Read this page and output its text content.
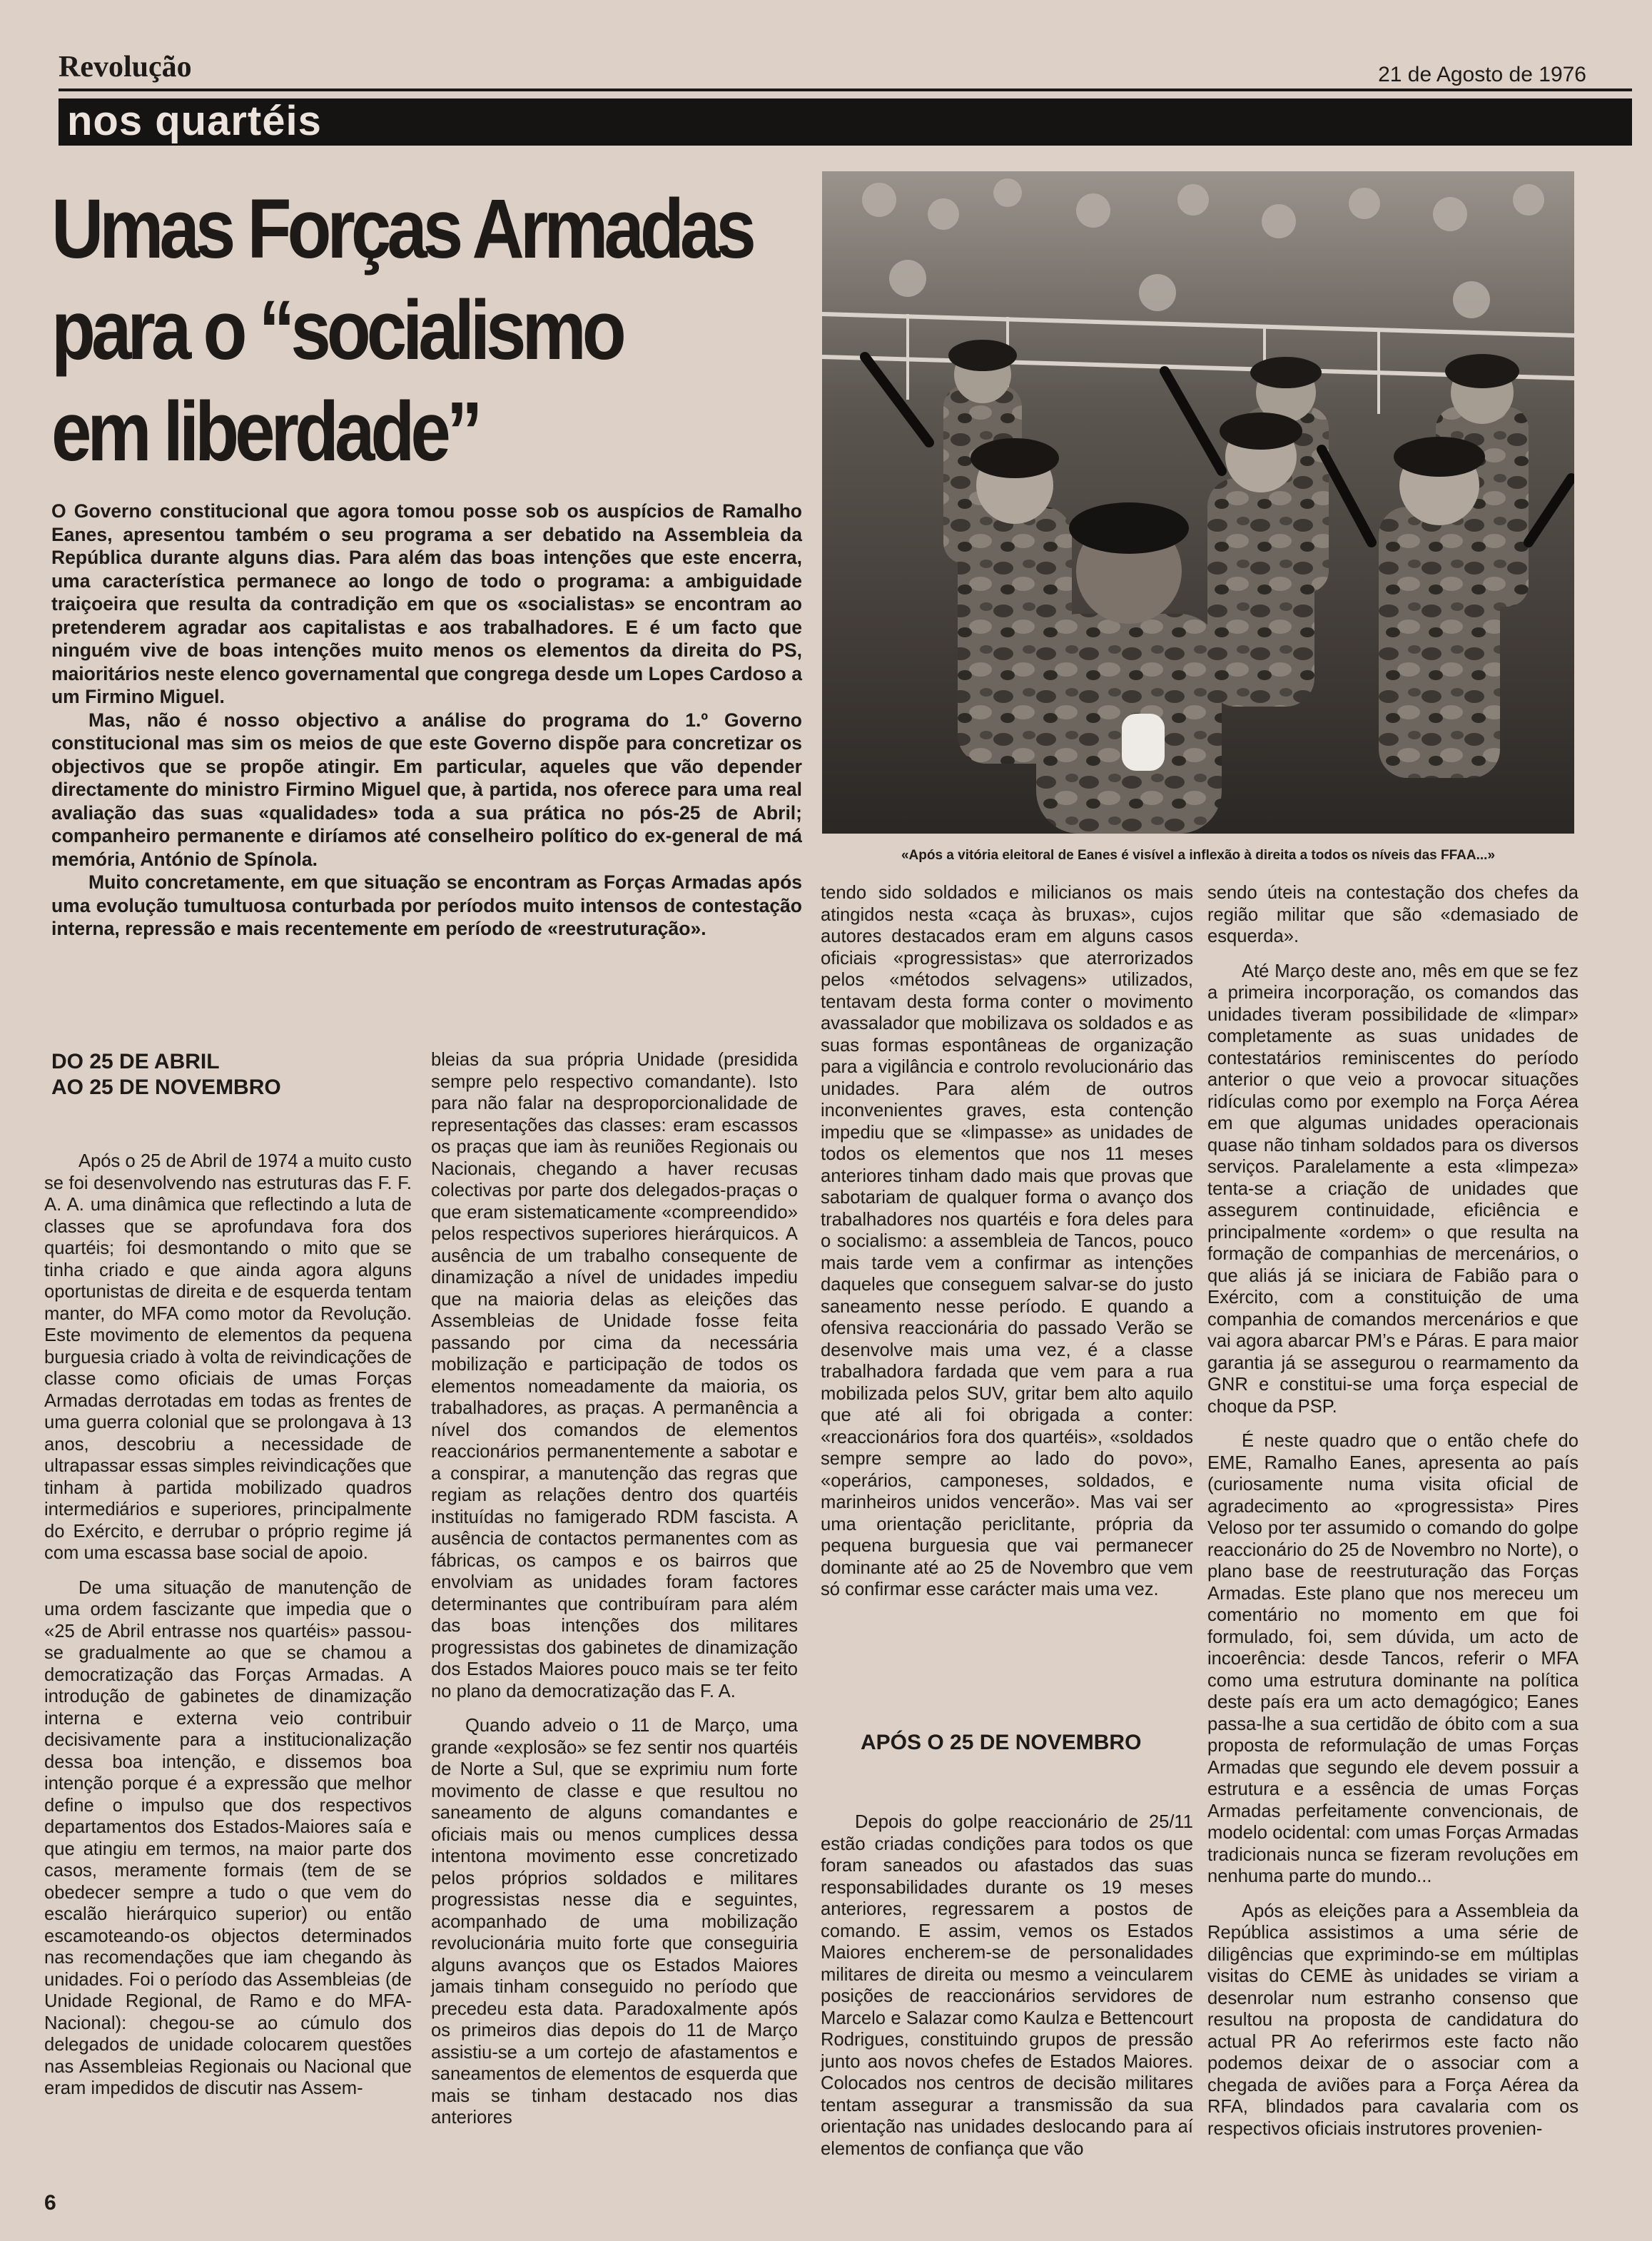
Revolução	21 de Agosto de 1976
nos quartéis
Umas Forças Armadas
para o “socialismo
em liberdade”

O Governo constitucional que agora tomou posse sob os auspícios de Ramalho Eanes, apresentou também o seu programa a ser debatido na Assembleia da República durante alguns dias. Para além das boas intenções que este encerra, uma característica permanece ao longo de todo o programa: a ambiguidade traiçoeira que resulta da contradição em que os «socialistas» se encontram ao pretenderem agradar aos capitalistas e aos trabalhadores. E é um facto que ninguém vive de boas intenções muito menos os elementos da direita do PS, maioritários neste elenco governamental que congrega desde um Lopes Cardoso a um Firmino Miguel.

Mas, não é nosso objectivo a análise do programa do 1.º Governo constitucional mas sim os meios de que este Governo dispõe para concretizar os objectivos que se propõe atingir. Em particular, aqueles que vão depender directamente do ministro Firmino Miguel que, à partida, nos oferece para uma real avaliação das suas «qualidades» toda a sua prática no pós-25 de Abril; companheiro permanente e diríamos até conselheiro político do ex-general de má memória, António de Spínola.

Muito concretamente, em que situação se encontram as Forças Armadas após uma evolução tumultuosa conturbada por períodos muito intensos de contestação interna, repressão e mais recentemente em período de «reestruturação».

«Após a vitória eleitoral de Eanes é visível a inflexão à direita a todos os níveis das FFAA...»
DO 25 DE ABRIL
AO 25 DE NOVEMBRO

Após o 25 de Abril de 1974 a muito custo se foi desenvolvendo nas estruturas das F. F. A. A. uma dinâmica que reflectindo a luta de classes que se aprofundava fora dos quartéis; foi desmontando o mito que se tinha criado e que ainda agora alguns oportunistas de direita e de esquerda tentam manter, do MFA como motor da Revolução. Este movimento de elementos da pequena burguesia criado à volta de reivindicações de classe como oficiais de umas Forças Armadas derrotadas em todas as frentes de uma guerra colonial que se prolongava à 13 anos, descobriu a necessidade de ultrapassar essas simples reivindicações que tinham à partida mobilizado quadros intermediários e superiores, principalmente do Exército, e derrubar o próprio regime já com uma escassa base social de apoio.

De uma situação de manutenção de uma ordem fascizante que impedia que o «25 de Abril entrasse nos quartéis» passou-se gradualmente ao que se chamou a democratização das Forças Armadas. A introdução de gabinetes de dinamização interna e externa veio contribuir decisivamente para a institucionalização dessa boa intenção, e dissemos boa intenção porque é a expressão que melhor define o impulso que dos respectivos departamentos dos Estados-Maiores saía e que atingiu em termos, na maior parte dos casos, meramente formais (tem de se obedecer sempre a tudo o que vem do escalão hierárquico superior) ou então escamoteando-os objectos determinados nas recomendações que iam chegando às unidades. Foi o período das Assembleias (de Unidade Regional, de Ramo e do MFA-Nacional): chegou-se ao cúmulo dos delegados de unidade colocarem questões nas Assembleias Regionais ou Nacional que eram impedidos de discutir nas Assem-

bleias da sua própria Unidade (presidida sempre pelo respectivo comandante). Isto para não falar na desproporcionalidade de representações das classes: eram escassos os praças que iam às reuniões Regionais ou Nacionais, chegando a haver recusas colectivas por parte dos delegados-praças o que eram sistematicamente «compreendido» pelos respectivos superiores hierárquicos. A ausência de um trabalho consequente de dinamização a nível de unidades impediu que na maioria delas as eleições das Assembleias de Unidade fosse feita passando por cima da necessária mobilização e participação de todos os elementos nomeadamente da maioria, os trabalhadores, as praças. A permanência a nível dos comandos de elementos reaccionários permanentemente a sabotar e a conspirar, a manutenção das regras que regiam as relações dentro dos quartéis instituídas no famigerado RDM fascista. A ausência de contactos permanentes com as fábricas, os campos e os bairros que envolviam as unidades foram factores determinantes que contribuíram para além das boas intenções dos militares progressistas dos gabinetes de dinamização dos Estados Maiores pouco mais se ter feito no plano da democratização das F. A.

Quando adveio o 11 de Março, uma grande «explosão» se fez sentir nos quartéis de Norte a Sul, que se exprimiu num forte movimento de classe e que resultou no saneamento de alguns comandantes e oficiais mais ou menos cumplices dessa intentona movimento esse concretizado pelos próprios soldados e militares progressistas nesse dia e seguintes, acompanhado de uma mobilização revolucionária muito forte que conseguiria alguns avanços que os Estados Maiores jamais tinham conseguido no período que precedeu esta data. Paradoxalmente após os primeiros dias depois do 11 de Março assistiu-se a um cortejo de afastamentos e saneamentos de elementos de esquerda que mais se tinham destacado nos dias anteriores

tendo sido soldados e milicianos os mais atingidos nesta «caça às bruxas», cujos autores destacados eram em alguns casos oficiais «progressistas» que aterrorizados pelos «métodos selvagens» utilizados, tentavam desta forma conter o movimento avassalador que mobilizava os soldados e as suas formas espontâneas de organização para a vigilância e controlo revolucionário das unidades. Para além de outros inconvenientes graves, esta contenção impediu que se «limpasse» as unidades de todos os elementos que nos 11 meses anteriores tinham dado mais que provas que sabotariam de qualquer forma o avanço dos trabalhadores nos quartéis e fora deles para o socialismo: a assembleia de Tancos, pouco mais tarde vem a confirmar as intenções daqueles que conseguem salvar-se do justo saneamento nesse período. E quando a ofensiva reaccionária do passado Verão se desenvolve mais uma vez, é a classe trabalhadora fardada que vem para a rua mobilizada pelos SUV, gritar bem alto aquilo que até ali foi obrigada a conter: «reaccionários fora dos quartéis», «soldados sempre sempre ao lado do povo», «operários, camponeses, soldados, e marinheiros unidos vencerão». Mas vai ser uma orientação periclitante, própria da pequena burguesia que vai permanecer dominante até ao 25 de Novembro que vem só confirmar esse carácter mais uma vez.

APÓS O 25 DE NOVEMBRO

Depois do golpe reaccionário de 25/11 estão criadas condições para todos os que foram saneados ou afastados das suas responsabilidades durante os 19 meses anteriores, regressarem a postos de comando. E assim, vemos os Estados Maiores encherem-se de personalidades militares de direita ou mesmo a veincularem posições de reaccionários servidores de Marcelo e Salazar como Kaulza e Bettencourt Rodrigues, constituindo grupos de pressão junto aos novos chefes de Estados Maiores. Colocados nos centros de decisão militares tentam assegurar a transmissão da sua orientação nas unidades deslocando para aí elementos de confiança que vão

sendo úteis na contestação dos chefes da região militar que são «demasiado de esquerda».

Até Março deste ano, mês em que se fez a primeira incorporação, os comandos das unidades tiveram possibilidade de «limpar» completamente as suas unidades de contestatários reminiscentes do período anterior o que veio a provocar situações ridículas como por exemplo na Força Aérea em que algumas unidades operacionais quase não tinham soldados para os diversos serviços. Paralelamente a esta «limpeza» tenta-se a criação de unidades que assegurem continuidade, eficiência e principalmente «ordem» o que resulta na formação de companhias de mercenários, o que aliás já se iniciara de Fabião para o Exército, com a constituição de uma companhia de comandos mercenários e que vai agora abarcar PM’s e Páras. E para maior garantia já se assegurou o rearmamento da GNR e constitui-se uma força especial de choque da PSP.

É neste quadro que o então chefe do EME, Ramalho Eanes, apresenta ao país (curiosamente numa visita oficial de agradecimento ao «progressista» Pires Veloso por ter assumido o comando do golpe reaccionário do 25 de Novembro no Norte), o plano base de reestruturação das Forças Armadas. Este plano que nos mereceu um comentário no momento em que foi formulado, foi, sem dúvida, um acto de incoerência: desde Tancos, referir o MFA como uma estrutura dominante na política deste país era um acto demagógico; Eanes passa-lhe a sua certidão de óbito com a sua proposta de reformulação de umas Forças Armadas que segundo ele devem possuir a estrutura e a essência de umas Forças Armadas perfeitamente convencionais, de modelo ocidental: com umas Forças Armadas tradicionais nunca se fizeram revoluções em nenhuma parte do mundo...

Após as eleições para a Assembleia da República assistimos a uma série de diligências que exprimindo-se em múltiplas visitas do CEME às unidades se viriam a desenrolar num estranho consenso que resultou na proposta de candidatura do actual PR Ao referirmos este facto não podemos deixar de o associar com a chegada de aviões para a Força Aérea da RFA, blindados para cavalaria com os respectivos oficiais instrutores provenien-

6
